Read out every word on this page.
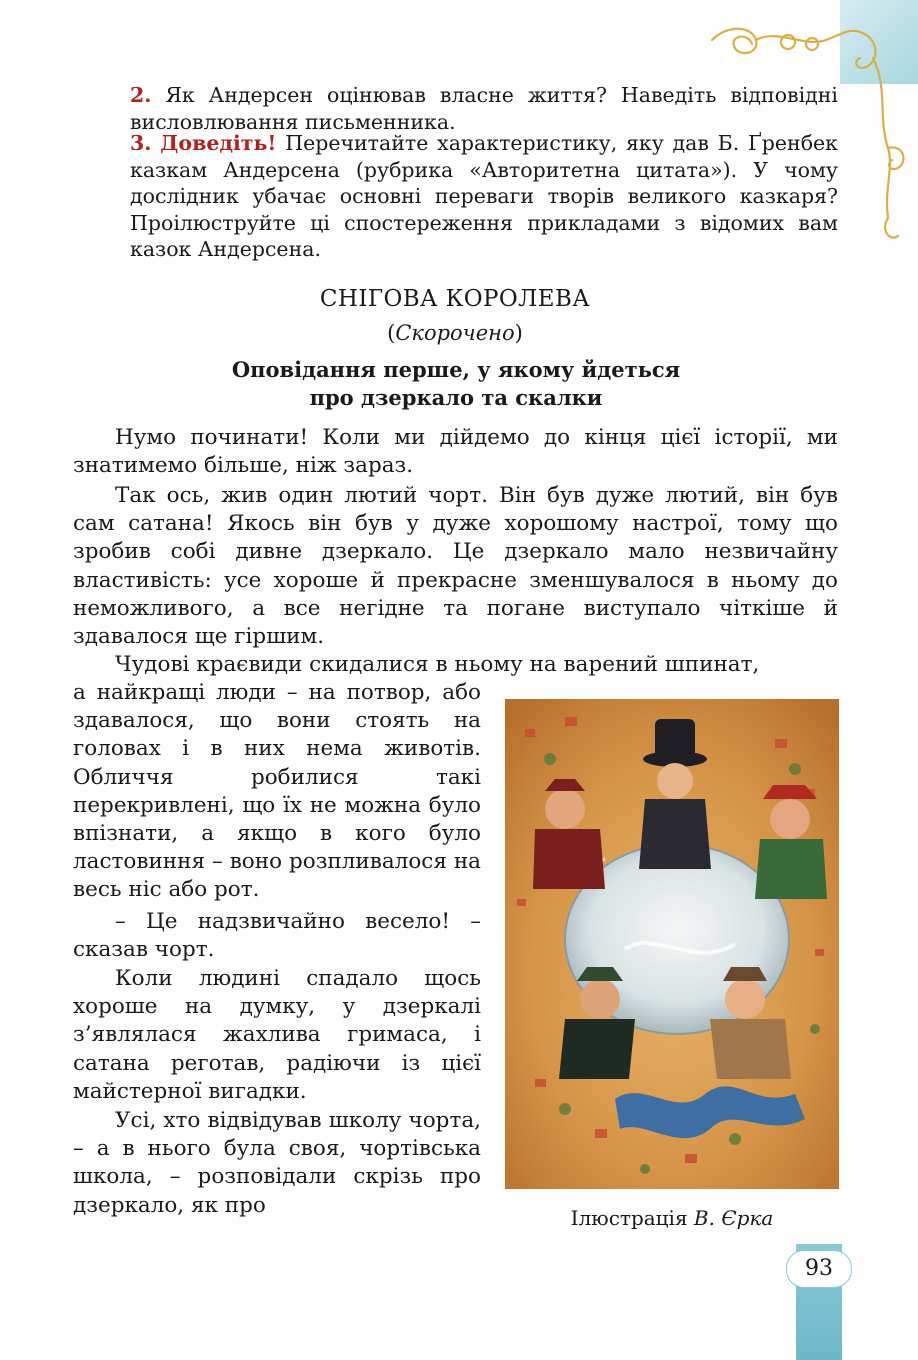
2. Як Андерсен оцінював власне життя? Наведіть відповідні висловлювання письменника.

3. Доведіть! Перечитайте характеристику, яку дав Б. Ґренбек казкам Андерсена (рубрика «Авторитетна цитата»). У чому дослідник убачає основні переваги творів великого казкаря? Проілюструйте ці спостереження прикладами з відомих вам казок Андерсена.

СНІГОВА КОРОЛЕВА
(Скорочено)
Оповідання перше, у якому йдеться
про дзеркало та скалки

Нумо починати! Коли ми дійдемо до кінця цієї історії, ми знатимемо більше, ніж зараз.

Так ось, жив один лютий чорт. Він був дуже лютий, він був сам сатана! Якось він був у дуже хорошому настрої, тому що зробив собі дивне дзеркало. Це дзеркало мало незвичайну властивість: усе хороше й прекрасне зменшувалося в ньому до неможливого, а все негідне та погане виступало чіткіше й здавалося ще гіршим.

Чудові краєвиди скидалися в ньому на варений шпинат,

а найкращі люди – на потвор, або здавалося, що вони стоять на головах і в них нема животів. Обличчя робилися такі перекривлені, що їх не можна було впізнати, а якщо в кого було ластовиння – воно розпливалося на весь ніс або рот.

– Це надзвичайно весело! – сказав чорт.

Коли людині спадало щось хороше на думку, у дзеркалі з’являлася жахлива гримаса, і сатана реготав, радіючи із цієї майстерної вигадки.

Усі, хто відвідував школу чорта, – а в нього була своя, чортівська школа, – розповідали скрізь про дзеркало, як про

Ілюстрація В. Єрка
93
